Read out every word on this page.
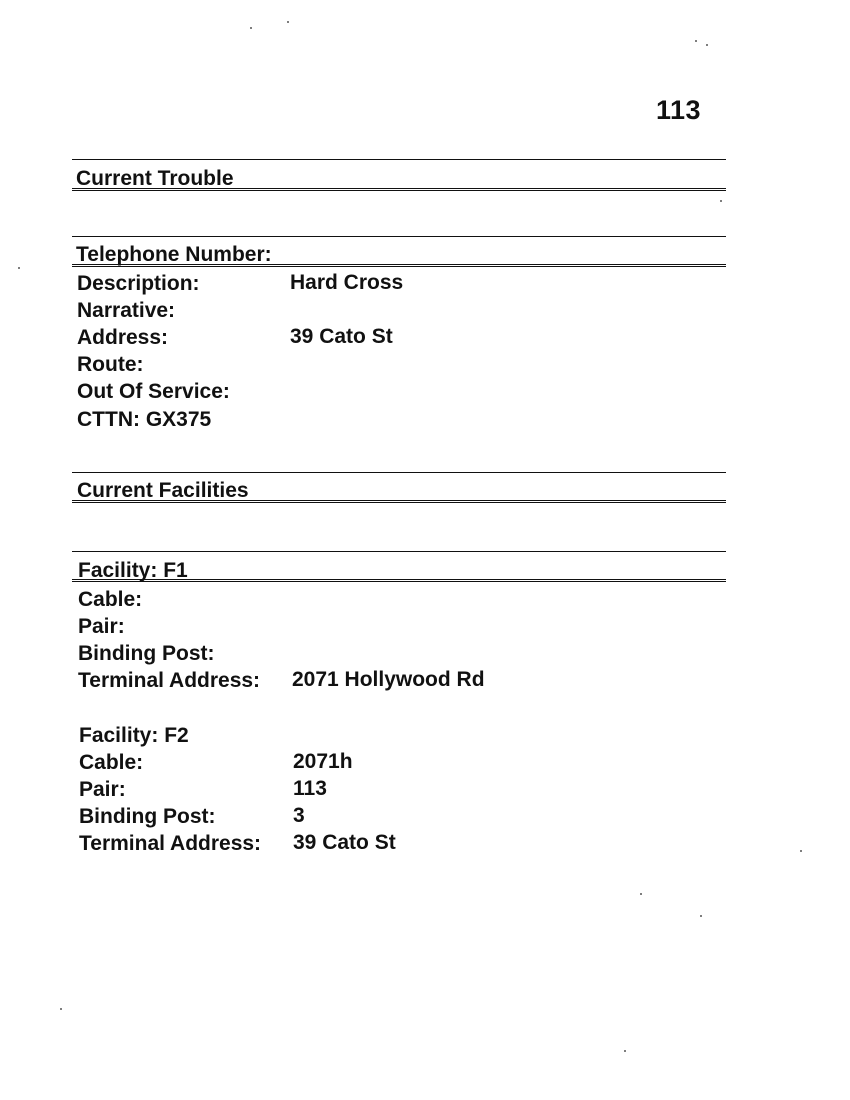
113
Current Trouble
Telephone Number:
Description:	Hard Cross
Narrative:
Address:	39 Cato St
Route:
Out Of Service:
CTTN: GX375
Current Facilities
Facility: F1
Cable:
Pair:
Binding Post:
Terminal Address: 2071 Hollywood Rd
Facility: F2
Cable:	2071h
Pair:	113
Binding Post:	3
Terminal Address: 39 Cato St
